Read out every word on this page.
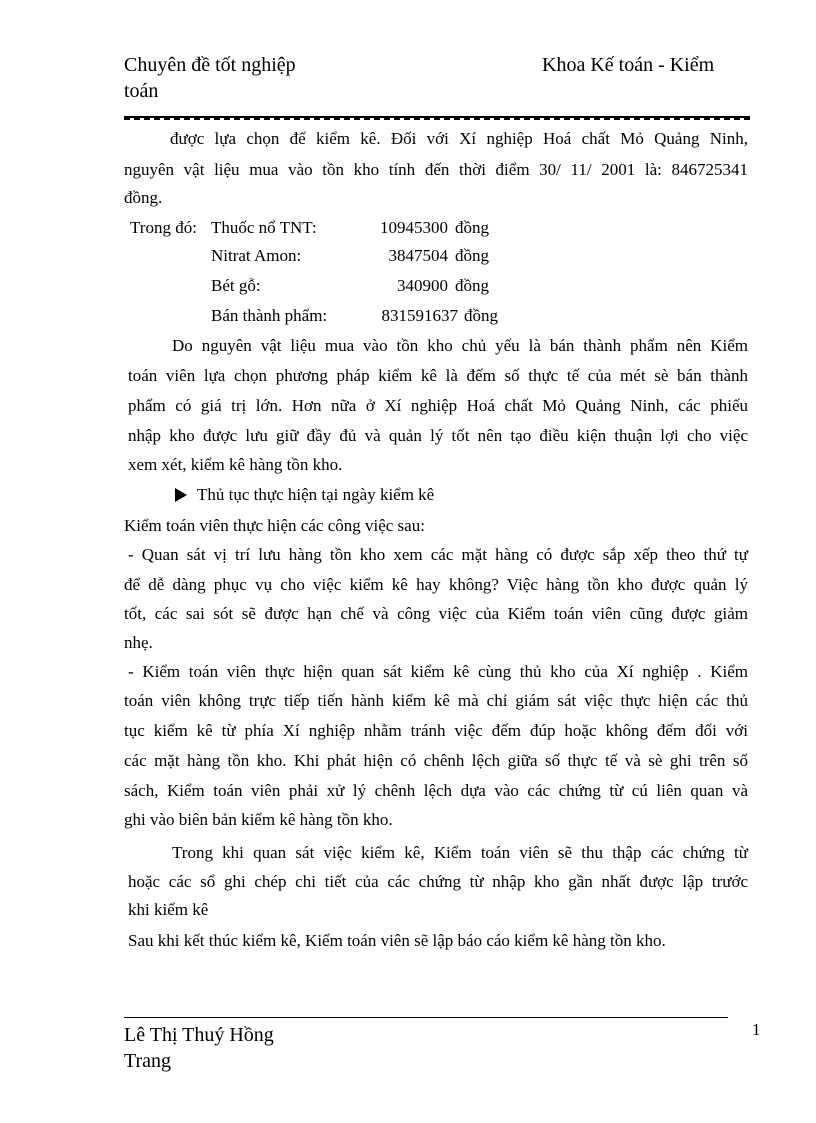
Chuyên đề tốt nghiệp
toán
Khoa Kế toán - Kiểm
được lựa chọn để kiểm kê. Đối với Xí nghiệp Hoá chất Mỏ Quảng Ninh,
nguyên vật liệu mua vào tồn kho tính đến thời điểm 30/ 11/ 2001 là: 846725341
đồng.
Trong đó: Thuốc nổ TNT:	10945300 đồng
Nitrat Amon:	3847504 đồng
Bét gỗ:	340900 đồng
Bán thành phẩm:	831591637 đồng
Do nguyên vật liệu mua vào tồn kho chủ yếu là bán thành phẩm nên Kiểm
toán viên lựa chọn phương pháp kiểm kê là đếm số thực tế của mét sè bán thành
phẩm có giá trị lớn. Hơn nữa ở Xí nghiệp Hoá chất Mỏ Quảng Ninh, các phiếu
nhập kho được lưu giữ đầy đủ và quản lý tốt nên tạo điều kiện thuận lợi cho việc
xem xét, kiểm kê hàng tồn kho.
Thủ tục thực hiện tại ngày kiểm kê
Kiểm toán viên thực hiện các công việc sau:
- Quan sát vị trí lưu hàng tồn kho xem các mặt hàng có được sắp xếp theo thứ tự
để dễ dàng phục vụ cho việc kiểm kê hay không? Việc hàng tồn kho được quản lý
tốt, các sai sót sẽ được hạn chế và công việc của Kiểm toán viên cũng được giảm
nhẹ.
- Kiểm toán viên thực hiện quan sát kiểm kê cùng thủ kho của Xí nghiệp . Kiểm
toán viên không trực tiếp tiến hành kiểm kê mà chỉ giám sát việc thực hiện các thủ
tục kiểm kê từ phía Xí nghiệp nhằm tránh việc đếm đúp hoặc không đếm đối với
các mặt hàng tồn kho. Khi phát hiện có chênh lệch giữa số thực tế và sè ghi trên sổ
sách, Kiểm toán viên phải xử lý chênh lệch dựa vào các chứng từ cú liên quan và
ghi vào biên bản kiểm kê hàng tồn kho.
Trong khi quan sát việc kiểm kê, Kiểm toán viên sẽ thu thập các chứng từ
hoặc các sổ ghi chép chi tiết của các chứng từ nhập kho gần nhất được lập trước
khi kiểm kê
Sau khi kết thúc kiểm kê, Kiểm toán viên sẽ lập báo cáo kiểm kê hàng tồn kho.
Lê Thị Thuý Hồng
Trang
1
